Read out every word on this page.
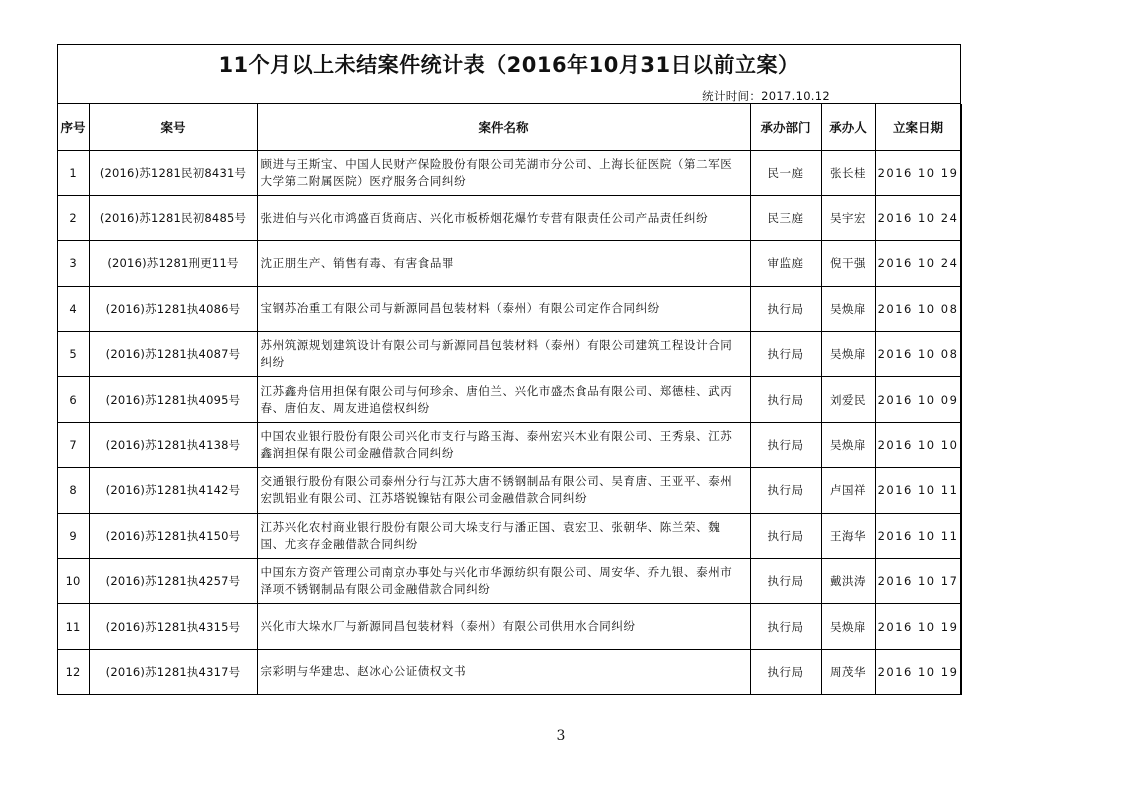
11个月以上未结案件统计表（2016年10月31日以前立案）
统计时间：2017.10.12
序号	案号	案件名称	承办部门	承办人	立案日期
1	(2016)苏1281民初8431号	顾进与王斯宝、中国人民财产保险股份有限公司芜湖市分公司、上海长征医院（第二军医大学第二附属医院）医疗服务合同纠纷	民一庭	张长桂	2016 10 19
2	(2016)苏1281民初8485号	张进伯与兴化市鸿盛百货商店、兴化市板桥烟花爆竹专营有限责任公司产品责任纠纷	民三庭	吴宇宏	2016 10 24
3	(2016)苏1281刑更11号	沈正朋生产、销售有毒、有害食品罪	审监庭	倪干强	2016 10 24
4	(2016)苏1281执4086号	宝钢苏冶重工有限公司与新源同昌包装材料（泰州）有限公司定作合同纠纷	执行局	吴焕扉	2016 10 08
5	(2016)苏1281执4087号	苏州筑源规划建筑设计有限公司与新源同昌包装材料（泰州）有限公司建筑工程设计合同纠纷	执行局	吴焕扉	2016 10 08
6	(2016)苏1281执4095号	江苏鑫舟信用担保有限公司与何珍余、唐伯兰、兴化市盛杰食品有限公司、郑德桂、武丙春、唐伯友、周友进追偿权纠纷	执行局	刘爱民	2016 10 09
7	(2016)苏1281执4138号	中国农业银行股份有限公司兴化市支行与路玉海、泰州宏兴木业有限公司、王秀泉、江苏鑫润担保有限公司金融借款合同纠纷	执行局	吴焕扉	2016 10 10
8	(2016)苏1281执4142号	交通银行股份有限公司泰州分行与江苏大唐不锈钢制品有限公司、吴育唐、王亚平、泰州宏凯铝业有限公司、江苏塔锐镍钴有限公司金融借款合同纠纷	执行局	卢国祥	2016 10 11
9	(2016)苏1281执4150号	江苏兴化农村商业银行股份有限公司大垛支行与潘正国、袁宏卫、张朝华、陈兰荣、魏国、尤亥存金融借款合同纠纷	执行局	王海华	2016 10 11
10	(2016)苏1281执4257号	中国东方资产管理公司南京办事处与兴化市华源纺织有限公司、周安华、乔九银、泰州市泽项不锈钢制品有限公司金融借款合同纠纷	执行局	戴洪涛	2016 10 17
11	(2016)苏1281执4315号	兴化市大垛水厂与新源同昌包装材料（泰州）有限公司供用水合同纠纷	执行局	吴焕扉	2016 10 19
12	(2016)苏1281执4317号	宗彩明与华建忠、赵冰心公证债权文书	执行局	周茂华	2016 10 19
3
